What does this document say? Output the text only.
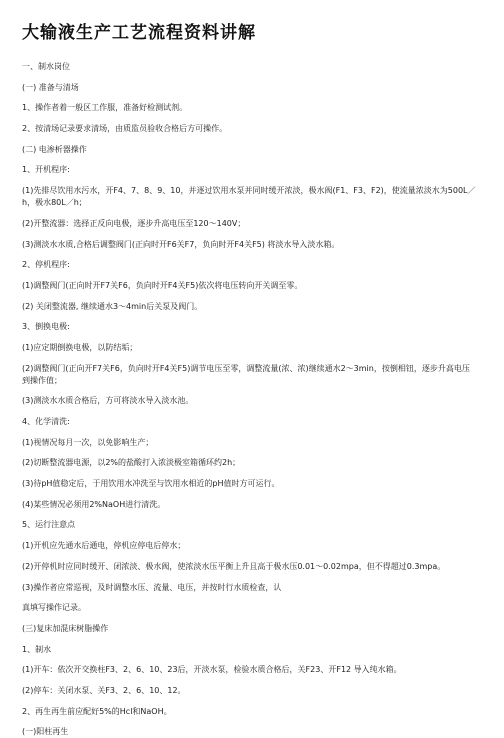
大输液生产工艺流程资料讲解

一、制水岗位

(一) 准备与清场

1、操作者着一般区工作服，准备好检测试剂。

2、按清场记录要求清场，由质监员验收合格后方可操作。

(二) 电渗析器操作

1、开机程序:

(1)先排尽饮用水污水，开F4、7、8、9、10，并逐过饮用水泵并同时缓开浓淡，极水阀(F1、F3、F2)，使流量浓淡水为500L／h，极水80L／h；

(2)开整流器：选择正反向电极，逐步升高电压至120～140V；

(3)测淡水水质,合格后调整阀门(正向时开F6关F7，负向时开F4关F5) 将淡水导入淡水箱。

2、停机程序:

(1)调整阀门(正向时开F7关F6，负向时开F4关F5)依次将电压转向开关调至零。

(2) 关闭整流器, 继续通水3～4min后关泵及阀门。

3、倒换电极:

(1)应定期倒换电极，以防结垢；

(2)调整阀门(正向开F7关F6，负向时开F4关F5)调节电压至零，调整流量(浓、浓)继续通水2～3min，按倒相钮，逐步升高电压到操作值；

(3)测淡水水质合格后，方可将淡水导入淡水池。

4、化学清洗:

(1)视情况每月一次，以免影响生产；

(2)切断整流器电源，以2%的盐酸打入浓淡极室箱循环约2h；

(3)待pH值稳定后，于用饮用水冲洗至与饮用水相近的pH值时方可运行。

(4)某些情况必须用2%NaOH进行清洗。

5、运行注意点

(1)开机应先通水后通电，停机应停电后停水；

(2)开停机时应同时缓开、闭浓淡、极水阀，使浓淡水压平衡上升且高于极水压0.01～0.02mpa，但不得超过0.3mpa。

(3)操作者应常巡视，及时调整水压、流量、电压，并按时行水质检查，认

真填写操作记录。

(三)复床加混床树脂操作

1、制水

(1)开车：依次开交换柱F3、2、6、10、23后，开淡水泵，检验水质合格后，关F23、开F12 导入纯水箱。

(2)停车：关闭水泵、关F3、2、6、10、12。

2、再生再生前应配好5%的Hcl和NaOH。

(一)阳柱再生
